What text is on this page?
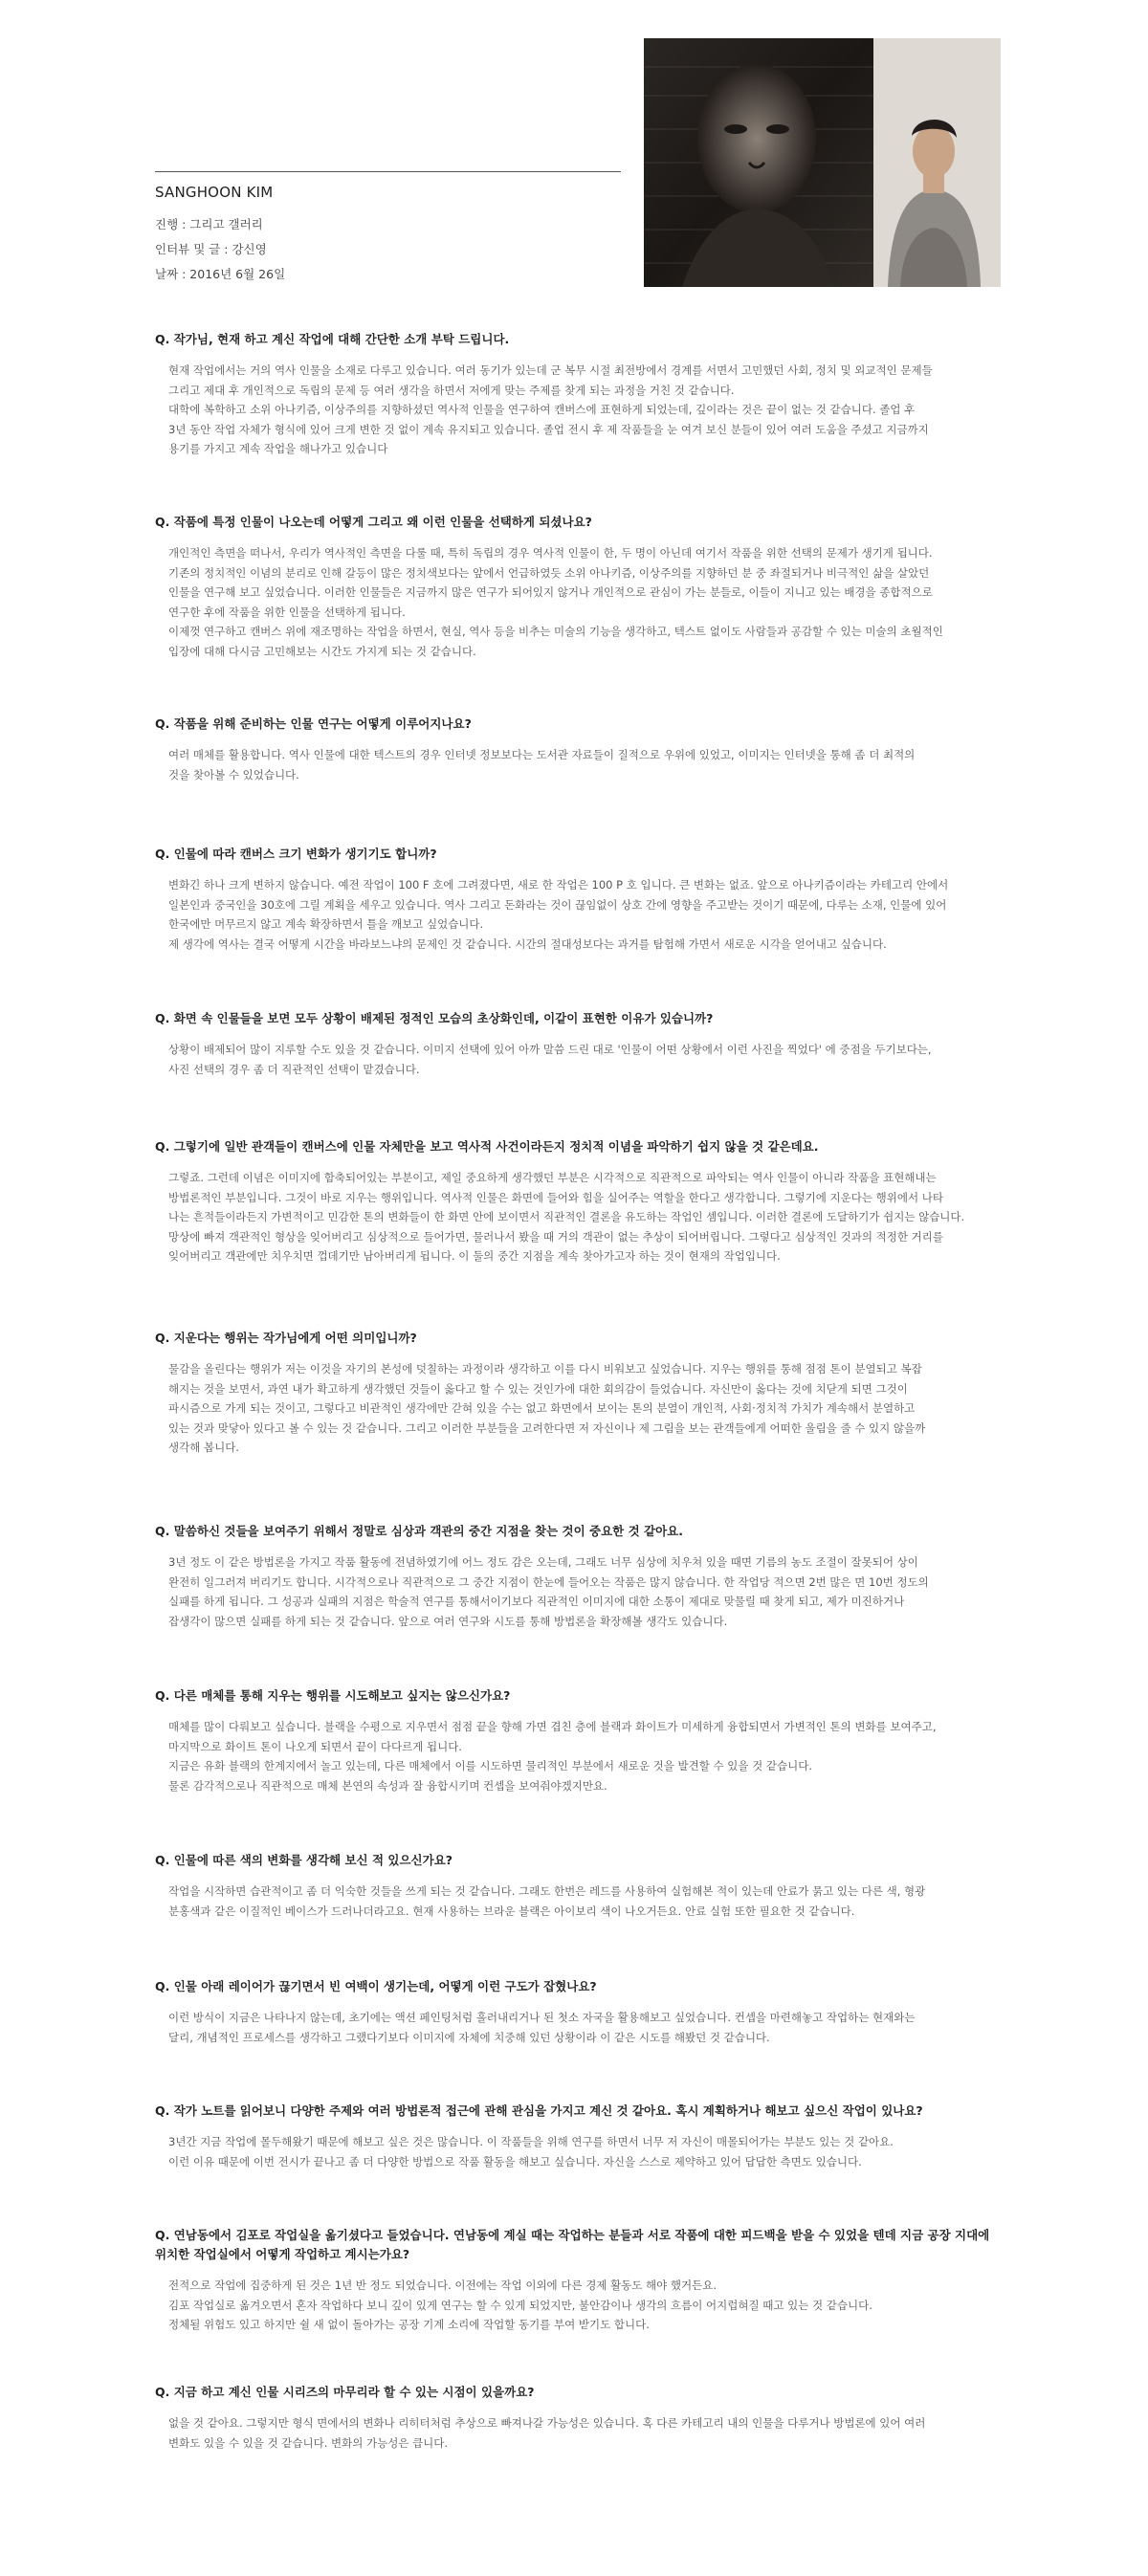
SANGHOON KIM
진행 : 그리고 갤러리
인터뷰 및 글 : 강신영
날짜 : 2016년 6월 26일

Q. 작가님, 현재 하고 계신 작업에 대해 간단한 소개 부탁 드립니다.

현재 작업에서는 거의 역사 인물을 소재로 다루고 있습니다. 여러 동기가 있는데 군 복무 시절 최전방에서 경계를 서면서 고민했던 사회, 정치 및 외교적인 문제들
그리고 제대 후 개인적으로 독립의 문제 등 여러 생각을 하면서 저에게 맞는 주제를 찾게 되는 과정을 거친 것 같습니다.
대학에 복학하고 소위 아나키즘, 이상주의를 지향하셨던 역사적 인물을 연구하여 캔버스에 표현하게 되었는데, 깊이라는 것은 끝이 없는 것 같습니다. 졸업 후
3년 동안 작업 자체가 형식에 있어 크게 변한 것 없이 계속 유지되고 있습니다. 졸업 전시 후 제 작품들을 눈 여겨 보신 분들이 있어 여러 도움을 주셨고 지금까지
용기를 가지고 계속 작업을 해나가고 있습니다

Q. 작품에 특정 인물이 나오는데 어떻게 그리고 왜 이런 인물을 선택하게 되셨나요?

개인적인 측면을 떠나서, 우리가 역사적인 측면을 다룰 때, 특히 독립의 경우 역사적 인물이 한, 두 명이 아닌데 여기서 작품을 위한 선택의 문제가 생기게 됩니다.
기존의 정치적인 이념의 분리로 인해 갈등이 많은 정치색보다는 앞에서 언급하였듯 소위 아나키즘, 이상주의를 지향하던 분 중 좌절되거나 비극적인 삶을 살았던
인물을 연구해 보고 싶었습니다. 이러한 인물들은 지금까지 많은 연구가 되어있지 않거나 개인적으로 관심이 가는 분들로, 이들이 지니고 있는 배경을 종합적으로
연구한 후에 작품을 위한 인물을 선택하게 됩니다.
이제껏 연구하고 캔버스 위에 재조명하는 작업을 하면서, 현실, 역사 등을 비추는 미술의 기능을 생각하고, 텍스트 없이도 사람들과 공감할 수 있는 미술의 초월적인
입장에 대해 다시금 고민해보는 시간도 가지게 되는 것 같습니다.

Q. 작품을 위해 준비하는 인물 연구는 어떻게 이루어지나요?

여러 매체를 활용합니다. 역사 인물에 대한 텍스트의 경우 인터넷 정보보다는 도서관 자료들이 질적으로 우위에 있었고, 이미지는 인터넷을 통해 좀 더 최적의
것을 찾아볼 수 있었습니다.

Q. 인물에 따라 캔버스 크기 변화가 생기기도 합니까?

변화긴 하나 크게 변하지 않습니다. 예전 작업이 100 F 호에 그려졌다면, 새로 한 작업은 100 P 호 입니다. 큰 변화는 없죠. 앞으로 아나키즘이라는 카테고리 안에서
일본인과 중국인을 30호에 그릴 계획을 세우고 있습니다. 역사 그리고 돈화라는 것이 끊임없이 상호 간에 영향을 주고받는 것이기 때문에, 다루는 소재, 인물에 있어
한국에만 머무르지 않고 계속 확장하면서 틀을 깨보고 싶었습니다.
제 생각에 역사는 결국 어떻게 시간을 바라보느냐의 문제인 것 같습니다. 시간의 절대성보다는 과거를 탐험해 가면서 새로운 시각을 얻어내고 싶습니다.

Q. 화면 속 인물들을 보면 모두 상황이 배제된 정적인 모습의 초상화인데, 이같이 표현한 이유가 있습니까?

상황이 배제되어 많이 지루할 수도 있을 것 같습니다. 이미지 선택에 있어 아까 말씀 드린 대로 '인물이 어떤 상황에서 이런 사진을 찍었다' 에 중점을 두기보다는,
사진 선택의 경우 좀 더 직관적인 선택이 맡겼습니다.

Q. 그렇기에 일반 관객들이 캔버스에 인물 자체만을 보고 역사적 사건이라든지 정치적 이념을 파악하기 쉽지 않을 것 같은데요.

그렇죠. 그런데 이념은 이미지에 함축되어있는 부분이고, 제일 중요하게 생각했던 부분은 시각적으로 직관적으로 파악되는 역사 인물이 아니라 작품을 표현해내는
방법론적인 부분입니다. 그것이 바로 지우는 행위입니다. 역사적 인물은 화면에 들어와 힘을 실어주는 역할을 한다고 생각합니다. 그렇기에 지운다는 행위에서 나타
나는 흔적들이라든지 가변적이고 민감한 톤의 변화들이 한 화면 안에 보이면서 직관적인 결론을 유도하는 작업인 셈입니다. 이러한 결론에 도달하기가 쉽지는 않습니다.
망상에 빠져 객관적인 형상을 잊어버리고 심상적으로 들어가면, 물러나서 봤을 때 거의 객관이 없는 추상이 되어버립니다. 그렇다고 심상적인 것과의 적정한 거리를
잊어버리고 객관에만 치우치면 껍데기만 남아버리게 됩니다. 이 둘의 중간 지점을 계속 찾아가고자 하는 것이 현재의 작업입니다.

Q. 지운다는 행위는 작가님에게 어떤 의미입니까?

물감을 올린다는 행위가 저는 이것을 자기의 본성에 덧칠하는 과정이라 생각하고 이를 다시 비워보고 싶었습니다. 지우는 행위를 통해 점점 톤이 분열되고 복잡
해지는 것을 보면서, 과연 내가 확고하게 생각했던 것들이 옳다고 할 수 있는 것인가에 대한 회의감이 들었습니다. 자신만이 옳다는 것에 치닫게 되면 그것이
파시즘으로 가게 되는 것이고, 그렇다고 비관적인 생각에만 갇혀 있을 수는 없고 화면에서 보이는 톤의 분열이 개인적, 사회·정치적 가치가 계속해서 분열하고
있는 것과 맞닿아 있다고 볼 수 있는 것 같습니다. 그리고 이러한 부분들을 고려한다면 저 자신이나 제 그림을 보는 관객들에게 어떠한 울림을 줄 수 있지 않을까
생각해 봅니다.

Q. 말씀하신 것들을 보여주기 위해서 정말로 심상과 객관의 중간 지점을 찾는 것이 중요한 것 같아요.

3년 정도 이 같은 방법론을 가지고 작품 활동에 전념하였기에 어느 정도 감은 오는데, 그래도 너무 심상에 치우쳐 있을 때면 기름의 농도 조절이 잘못되어 상이
완전히 일그러져 버리기도 합니다. 시각적으로나 직관적으로 그 중간 지점이 한눈에 들어오는 작품은 많지 않습니다. 한 작업당 적으면 2번 많은 면 10번 정도의
실패를 하게 됩니다. 그 성공과 실패의 지점은 학술적 연구를 통해서이기보다 직관적인 이미지에 대한 소통이 제대로 맞물릴 때 찾게 되고, 제가 미진하거나
잡생각이 많으면 실패를 하게 되는 것 같습니다. 앞으로 여러 연구와 시도를 통해 방법론을 확장해볼 생각도 있습니다.

Q. 다른 매체를 통해 지우는 행위를 시도해보고 싶지는 않으신가요?

매체를 많이 다뤄보고 싶습니다. 블랙을 수평으로 지우면서 점점 끝을 향해 가면 겹친 층에 블랙과 화이트가 미세하게 융합되면서 가변적인 톤의 변화를 보여주고,
마지막으로 화이트 톤이 나오게 되면서 끝이 다다르게 됩니다.
지금은 유화 블랙의 한계지에서 놀고 있는데, 다른 매체에서 이를 시도하면 물리적인 부분에서 새로운 것을 발견할 수 있을 것 같습니다.
물론 감각적으로나 직관적으로 매체 본연의 속성과 잘 융합시키며 컨셉을 보여줘야겠지만요.

Q. 인물에 따른 색의 변화를 생각해 보신 적 있으신가요?

작업을 시작하면 습관적이고 좀 더 익숙한 것들을 쓰게 되는 것 같습니다. 그래도 한번은 레드를 사용하여 실험해본 적이 있는데 안료가 묽고 있는 다른 색, 형광
분홍색과 같은 이질적인 베이스가 드러나더라고요. 현재 사용하는 브라운 블랙은 아이보리 색이 나오거든요. 안료 실험 또한 필요한 것 같습니다.

Q. 인물 아래 레이어가 끊기면서 빈 여백이 생기는데, 어떻게 이런 구도가 잡혔나요?

이런 방식이 지금은 나타나지 않는데, 초기에는 액션 페인팅처럼 흘러내리거나 된 첫소 자국을 활용해보고 싶었습니다. 컨셉을 마련해놓고 작업하는 현재와는
달리, 개념적인 프로세스를 생각하고 그랬다기보다 이미지에 자체에 치중해 있던 상황이라 이 같은 시도를 해봤던 것 같습니다.

Q. 작가 노트를 읽어보니 다양한 주제와 여러 방법론적 접근에 관해 관심을 가지고 계신 것 같아요. 혹시 계획하거나 해보고 싶으신 작업이 있나요?

3년간 지금 작업에 몰두해왔기 때문에 해보고 싶은 것은 많습니다. 이 작품들을 위해 연구를 하면서 너무 저 자신이 매몰되어가는 부분도 있는 것 같아요.
이런 이유 때문에 이번 전시가 끝나고 좀 더 다양한 방법으로 작품 활동을 해보고 싶습니다. 자신을 스스로 제약하고 있어 답답한 측면도 있습니다.

Q. 연남동에서 김포로 작업실을 옮기셨다고 들었습니다. 연남동에 계실 때는 작업하는 분들과 서로 작품에 대한 피드백을 받을 수 있었을 텐데 지금 공장 지대에
위치한 작업실에서 어떻게 작업하고 계시는가요?

전적으로 작업에 집중하게 된 것은 1년 반 정도 되었습니다. 이전에는 작업 이외에 다른 경제 활동도 해야 했거든요.
김포 작업실로 옮겨오면서 혼자 작업하다 보니 깊이 있게 연구는 할 수 있게 되었지만, 불안감이나 생각의 흐름이 어지럽혀질 때고 있는 것 같습니다.
정체될 위험도 있고 하지만 쉴 새 없이 돌아가는 공장 기계 소리에 작업할 동기를 부여 받기도 합니다.

Q. 지금 하고 계신 인물 시리즈의 마무리라 할 수 있는 시점이 있을까요?

없을 것 같아요. 그렇지만 형식 면에서의 변화나 리히터처럼 추상으로 빠져나갈 가능성은 있습니다. 혹 다른 카테고리 내의 인물을 다루거나 방법론에 있어 여러
변화도 있을 수 있을 것 같습니다. 변화의 가능성은 큽니다.
